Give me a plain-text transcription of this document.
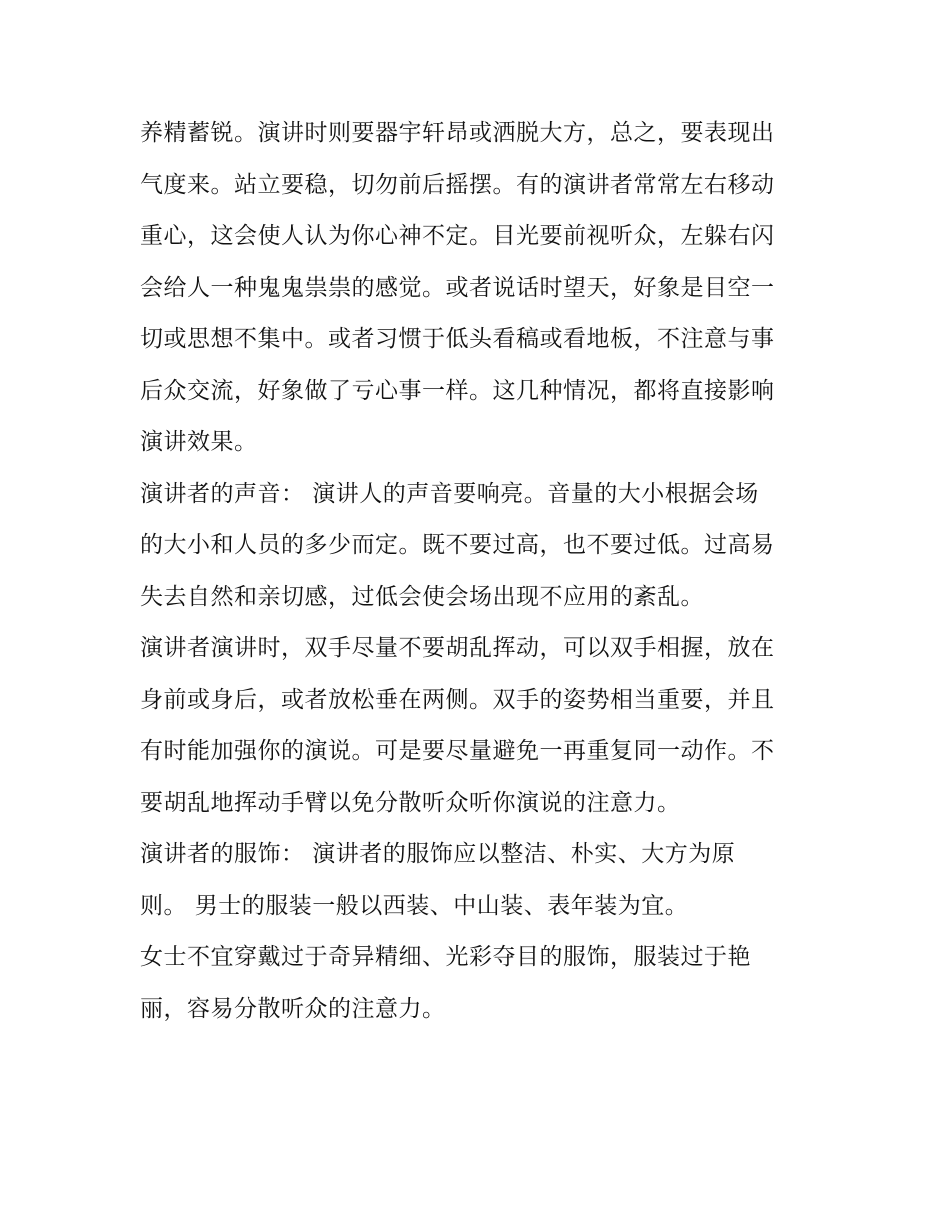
养精蓄锐。演讲时则要器宇轩昂或洒脱大方，总之，要表现出
气度来。站立要稳，切勿前后摇摆。有的演讲者常常左右移动
重心，这会使人认为你心神不定。目光要前视听众，左躲右闪
会给人一种鬼鬼祟祟的感觉。或者说话时望天，好象是目空一
切或思想不集中。或者习惯于低头看稿或看地板，不注意与事
后众交流，好象做了亏心事一样。这几种情况，都将直接影响
演讲效果。
演讲者的声音： 演讲人的声音要响亮。音量的大小根据会场
的大小和人员的多少而定。既不要过高，也不要过低。过高易
失去自然和亲切感，过低会使会场出现不应用的紊乱。
演讲者演讲时，双手尽量不要胡乱挥动，可以双手相握，放在
身前或身后，或者放松垂在两侧。双手的姿势相当重要，并且
有时能加强你的演说。可是要尽量避免一再重复同一动作。不
要胡乱地挥动手臂以免分散听众听你演说的注意力。
演讲者的服饰： 演讲者的服饰应以整洁、朴实、大方为原
则。 男士的服装一般以西装、中山装、表年装为宜。
女士不宜穿戴过于奇异精细、光彩夺目的服饰，服装过于艳
丽，容易分散听众的注意力。
